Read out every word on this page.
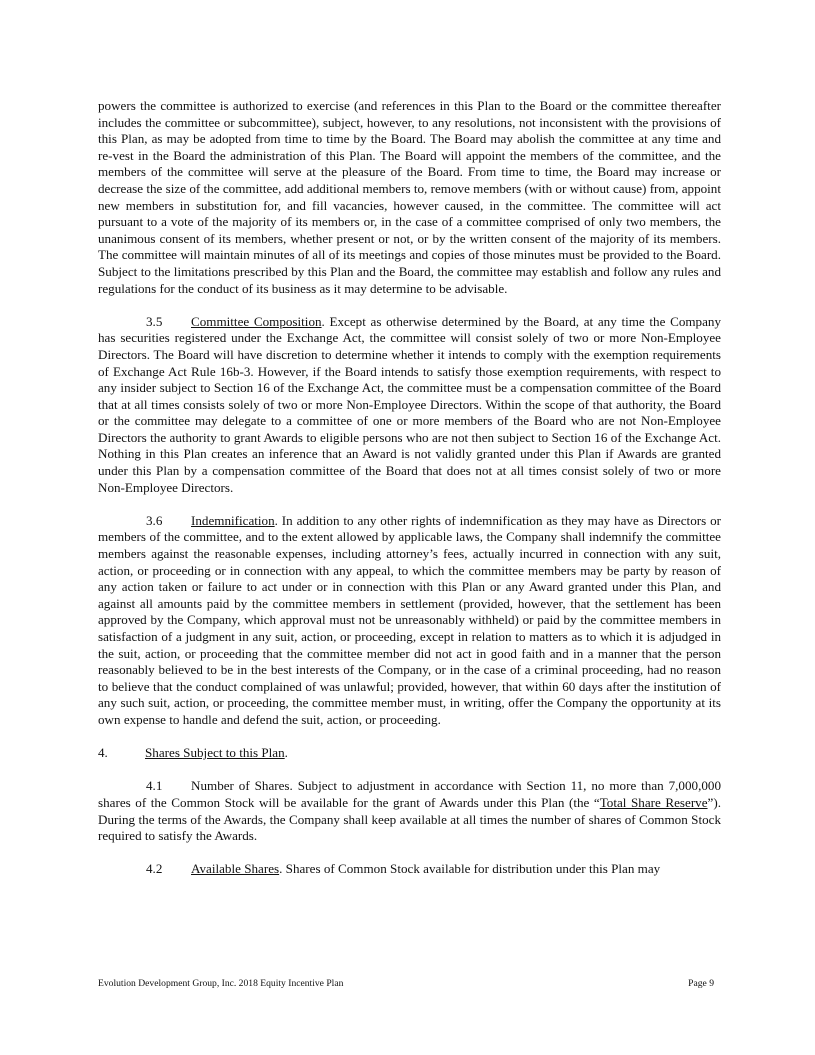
powers the committee is authorized to exercise (and references in this Plan to the Board or the committee thereafter includes the committee or subcommittee), subject, however, to any resolutions, not inconsistent with the provisions of this Plan, as may be adopted from time to time by the Board. The Board may abolish the committee at any time and re-vest in the Board the administration of this Plan. The Board will appoint the members of the committee, and the members of the committee will serve at the pleasure of the Board. From time to time, the Board may increase or decrease the size of the committee, add additional members to, remove members (with or without cause) from, appoint new members in substitution for, and fill vacancies, however caused, in the committee. The committee will act pursuant to a vote of the majority of its members or, in the case of a committee comprised of only two members, the unanimous consent of its members, whether present or not, or by the written consent of the majority of its members. The committee will maintain minutes of all of its meetings and copies of those minutes must be provided to the Board. Subject to the limitations prescribed by this Plan and the Board, the committee may establish and follow any rules and regulations for the conduct of its business as it may determine to be advisable.

3.5 Committee Composition. Except as otherwise determined by the Board, at any time the Company has securities registered under the Exchange Act, the committee will consist solely of two or more Non-Employee Directors. The Board will have discretion to determine whether it intends to comply with the exemption requirements of Exchange Act Rule 16b-3. However, if the Board intends to satisfy those exemption requirements, with respect to any insider subject to Section 16 of the Exchange Act, the committee must be a compensation committee of the Board that at all times consists solely of two or more Non-Employee Directors. Within the scope of that authority, the Board or the committee may delegate to a committee of one or more members of the Board who are not Non-Employee Directors the authority to grant Awards to eligible persons who are not then subject to Section 16 of the Exchange Act. Nothing in this Plan creates an inference that an Award is not validly granted under this Plan if Awards are granted under this Plan by a compensation committee of the Board that does not at all times consist solely of two or more Non-Employee Directors.

3.6 Indemnification. In addition to any other rights of indemnification as they may have as Directors or members of the committee, and to the extent allowed by applicable laws, the Company shall indemnify the committee members against the reasonable expenses, including attorney’s fees, actually incurred in connection with any suit, action, or proceeding or in connection with any appeal, to which the committee members may be party by reason of any action taken or failure to act under or in connection with this Plan or any Award granted under this Plan, and against all amounts paid by the committee members in settlement (provided, however, that the settlement has been approved by the Company, which approval must not be unreasonably withheld) or paid by the committee members in satisfaction of a judgment in any suit, action, or proceeding, except in relation to matters as to which it is adjudged in the suit, action, or proceeding that the committee member did not act in good faith and in a manner that the person reasonably believed to be in the best interests of the Company, or in the case of a criminal proceeding, had no reason to believe that the conduct complained of was unlawful; provided, however, that within 60 days after the institution of any such suit, action, or proceeding, the committee member must, in writing, offer the Company the opportunity at its own expense to handle and defend the suit, action, or proceeding.

4.	Shares Subject to this Plan.

4.1 Number of Shares. Subject to adjustment in accordance with Section 11, no more than 7,000,000 shares of the Common Stock will be available for the grant of Awards under this Plan (the “Total Share Reserve”). During the terms of the Awards, the Company shall keep available at all times the number of shares of Common Stock required to satisfy the Awards.

4.2 Available Shares. Shares of Common Stock available for distribution under this Plan may

Evolution Development Group, Inc. 2018 Equity Incentive Plan	Page 9
